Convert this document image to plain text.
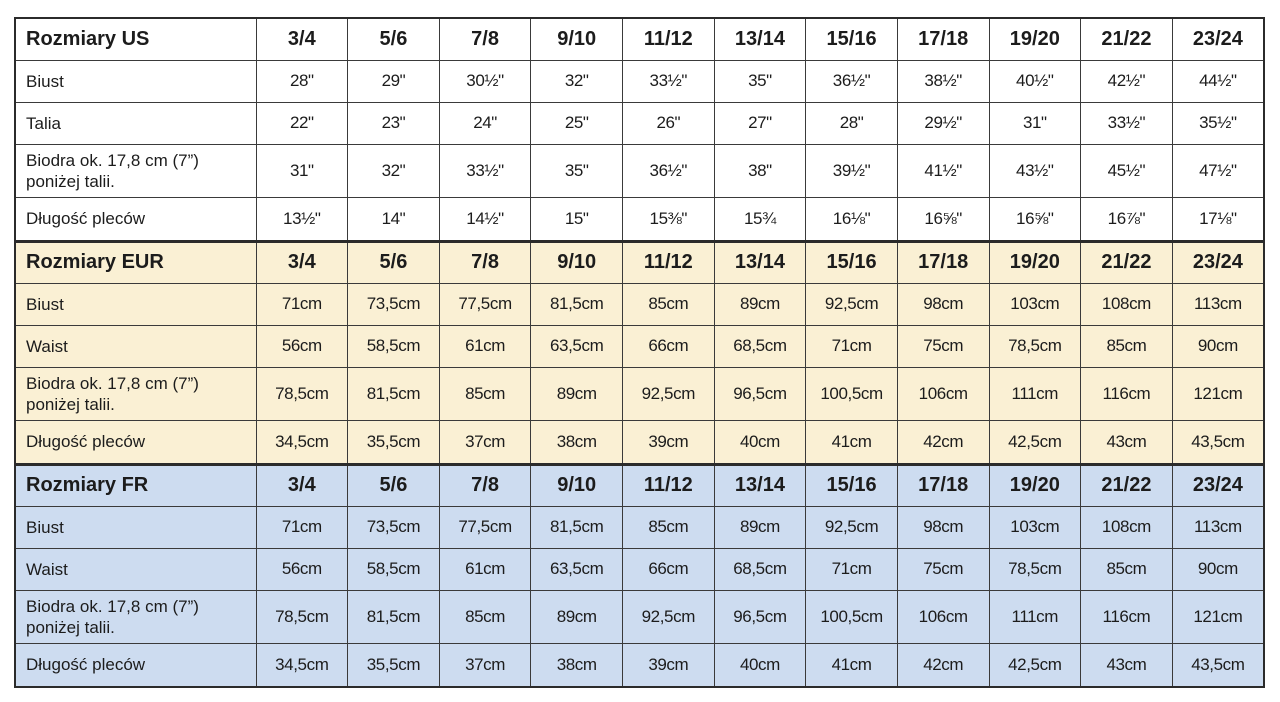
Rozmiary US	3/4	5/6	7/8	9/10	11/12	13/14	15/16	17/18	19/20	21/22	23/24
Biust	28"	29"	30½"	32"	33½"	35"	36½"	38½"	40½"	42½"	44½"
Talia	22"	23"	24"	25"	26"	27"	28"	29½"	31"	33½"	35½"
Biodra ok. 17,8 cm (7”)
poniżej talii.	31"	32"	33½"	35"	36½"	38"	39½"	41½"	43½"	45½"	47½"
Długość pleców	13½"	14"	14½"	15"	15⅜"	15¾	16⅛"	16⅝"	16⅝"	16⅞"	17⅛"
Rozmiary EUR	3/4	5/6	7/8	9/10	11/12	13/14	15/16	17/18	19/20	21/22	23/24
Biust	71cm	73,5cm	77,5cm	81,5cm	85cm	89cm	92,5cm	98cm	103cm	108cm	113cm
Waist	56cm	58,5cm	61cm	63,5cm	66cm	68,5cm	71cm	75cm	78,5cm	85cm	90cm
Biodra ok. 17,8 cm (7”)
poniżej talii.	78,5cm	81,5cm	85cm	89cm	92,5cm	96,5cm	100,5cm	106cm	111cm	116cm	121cm
Długość pleców	34,5cm	35,5cm	37cm	38cm	39cm	40cm	41cm	42cm	42,5cm	43cm	43,5cm
Rozmiary FR	3/4	5/6	7/8	9/10	11/12	13/14	15/16	17/18	19/20	21/22	23/24
Biust	71cm	73,5cm	77,5cm	81,5cm	85cm	89cm	92,5cm	98cm	103cm	108cm	113cm
Waist	56cm	58,5cm	61cm	63,5cm	66cm	68,5cm	71cm	75cm	78,5cm	85cm	90cm
Biodra ok. 17,8 cm (7”)
poniżej talii.	78,5cm	81,5cm	85cm	89cm	92,5cm	96,5cm	100,5cm	106cm	111cm	116cm	121cm
Długość pleców	34,5cm	35,5cm	37cm	38cm	39cm	40cm	41cm	42cm	42,5cm	43cm	43,5cm
